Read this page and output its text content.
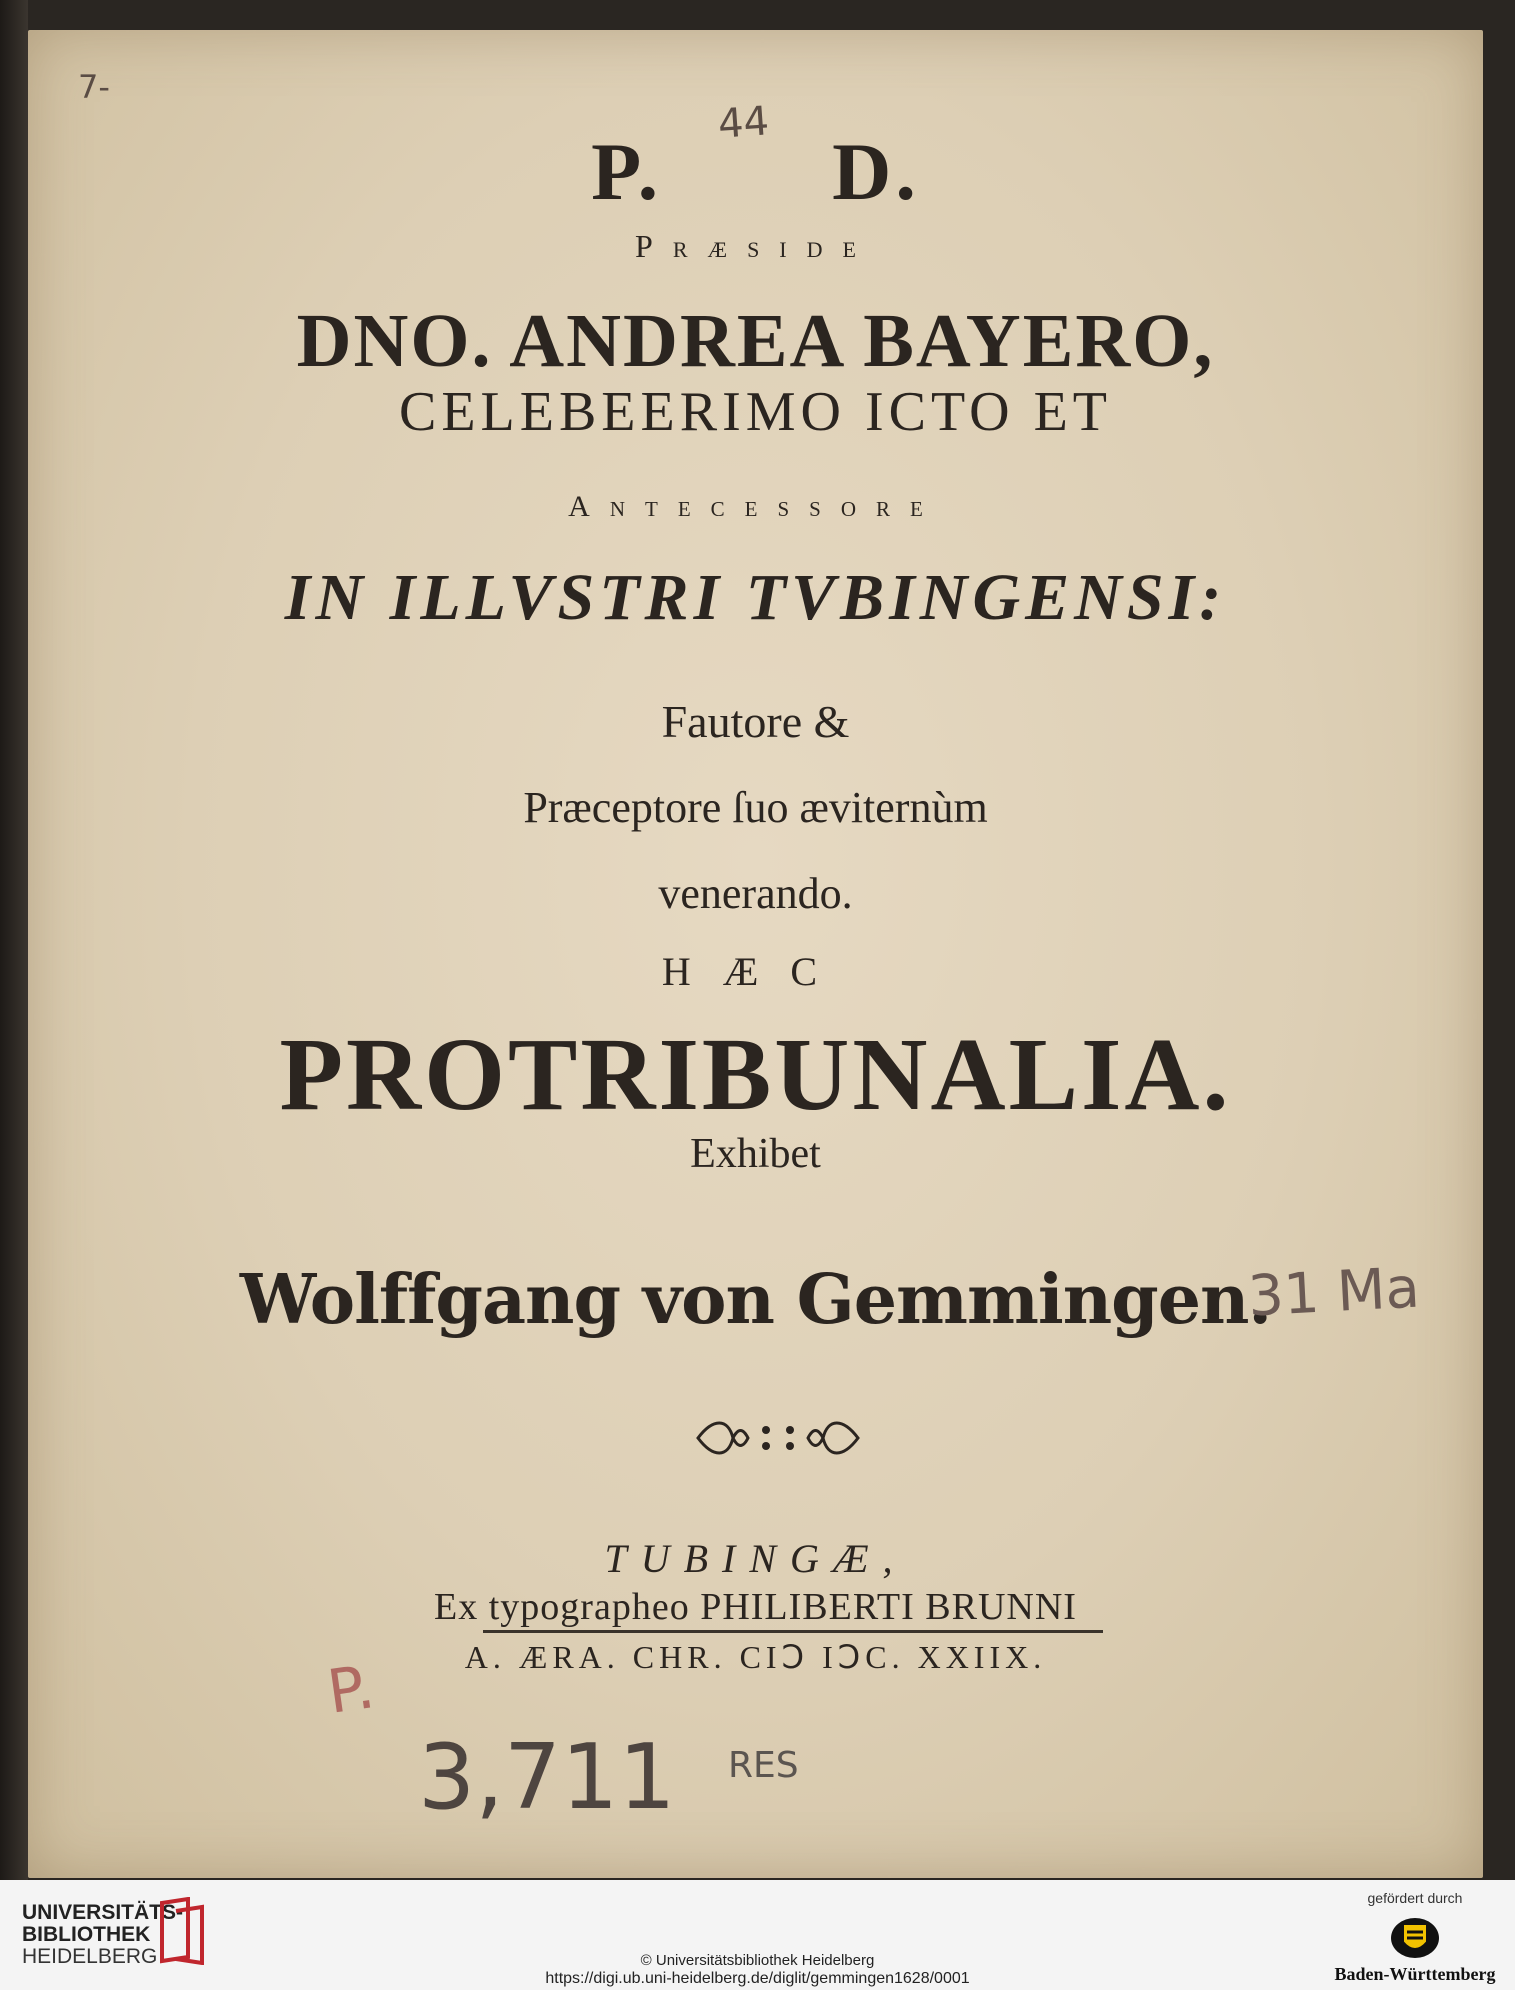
7-
P. D.
44
Præside
DNO. ANDREA BAYERO,
CELEBEERIMO ICTO ET
Antecessore
IN ILLVSTRI TVBINGENSI:
Fautore &
Præceptore ſuo æviternùm
venerando.
HÆC
PROTRIBUNALIA.
Exhibet
Wolffgang von Gemmingen.
31 Ma
TUBINGÆ,
Ex typographeo PHILIBERTI BRUNNI
A. ÆRA. CHR. CIↃ IↃC. XXIIX.
P.
3,711 RES
UNIVERSITÄTS-
BIBLIOTHEK
HEIDELBERG	© Universitätsbibliothek Heidelberg
https://digi.ub.uni-heidelberg.de/diglit/gemmingen1628/0001
gefördert durch
Baden-Württemberg
